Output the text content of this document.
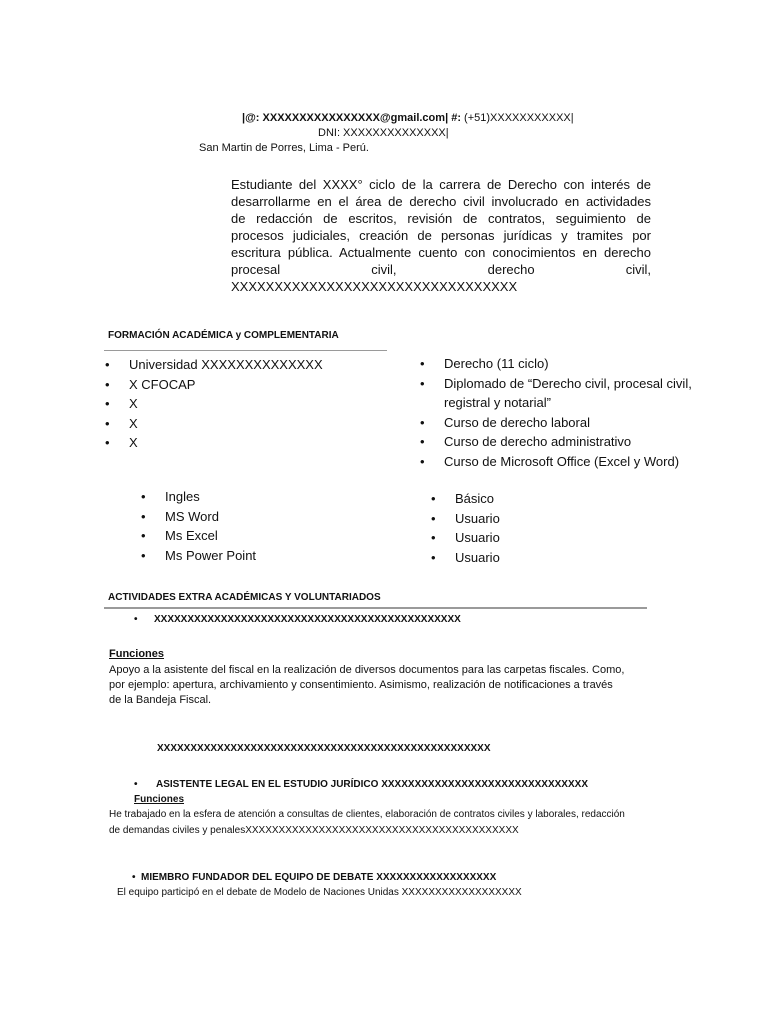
|@: XXXXXXXXXXXXXXXX@gmail.com| #: (+51)XXXXXXXXXXX|
DNI: XXXXXXXXXXXXXX|
San Martin de Porres, Lima - Perú.
Estudiante del XXXX° ciclo de la carrera de Derecho con interés de
desarrollarme en el área de derecho civil involucrado en actividades
de redacción de escritos, revisión de contratos, seguimiento de
procesos judiciales, creación de personas jurídicas y tramites por
escritura pública. Actualmente cuento con conocimientos en derecho
procesal civil, derecho civil,
XXXXXXXXXXXXXXXXXXXXXXXXXXXXXXXXX
FORMACIÓN ACADÉMICA y COMPLEMENTARIA
• Universidad XXXXXXXXXXXXXX
• X CFOCAP
• X
• X
• X
• Derecho (11 ciclo)
• Diplomado de “Derecho civil, procesal civil,
registral y notarial”
• Curso de derecho laboral
• Curso de derecho administrativo
• Curso de Microsoft Office (Excel y Word)
• Ingles
• MS Word
• Ms Excel
• Ms Power Point
• Básico
• Usuario
• Usuario
• Usuario
ACTIVIDADES EXTRA ACADÉMICAS Y VOLUNTARIADOS
• XXXXXXXXXXXXXXXXXXXXXXXXXXXXXXXXXXXXXXXXXXXXXX
Funciones
Apoyo a la asistente del fiscal en la realización de diversos documentos para las carpetas fiscales. Como,
por ejemplo: apertura, archivamiento y consentimiento. Asimismo, realización de notificaciones a través
de la Bandeja Fiscal.
XXXXXXXXXXXXXXXXXXXXXXXXXXXXXXXXXXXXXXXXXXXXXXXXXX
• ASISTENTE LEGAL EN EL ESTUDIO JURÍDICO XXXXXXXXXXXXXXXXXXXXXXXXXXXXXXX
Funciones
He trabajado en la esfera de atención a consultas de clientes, elaboración de contratos civiles y laborales, redacción
de demandas civiles y penalesXXXXXXXXXXXXXXXXXXXXXXXXXXXXXXXXXXXXXXXXX
• MIEMBRO FUNDADOR DEL EQUIPO DE DEBATE XXXXXXXXXXXXXXXXXX
El equipo participó en el debate de Modelo de Naciones Unidas XXXXXXXXXXXXXXXXXX
